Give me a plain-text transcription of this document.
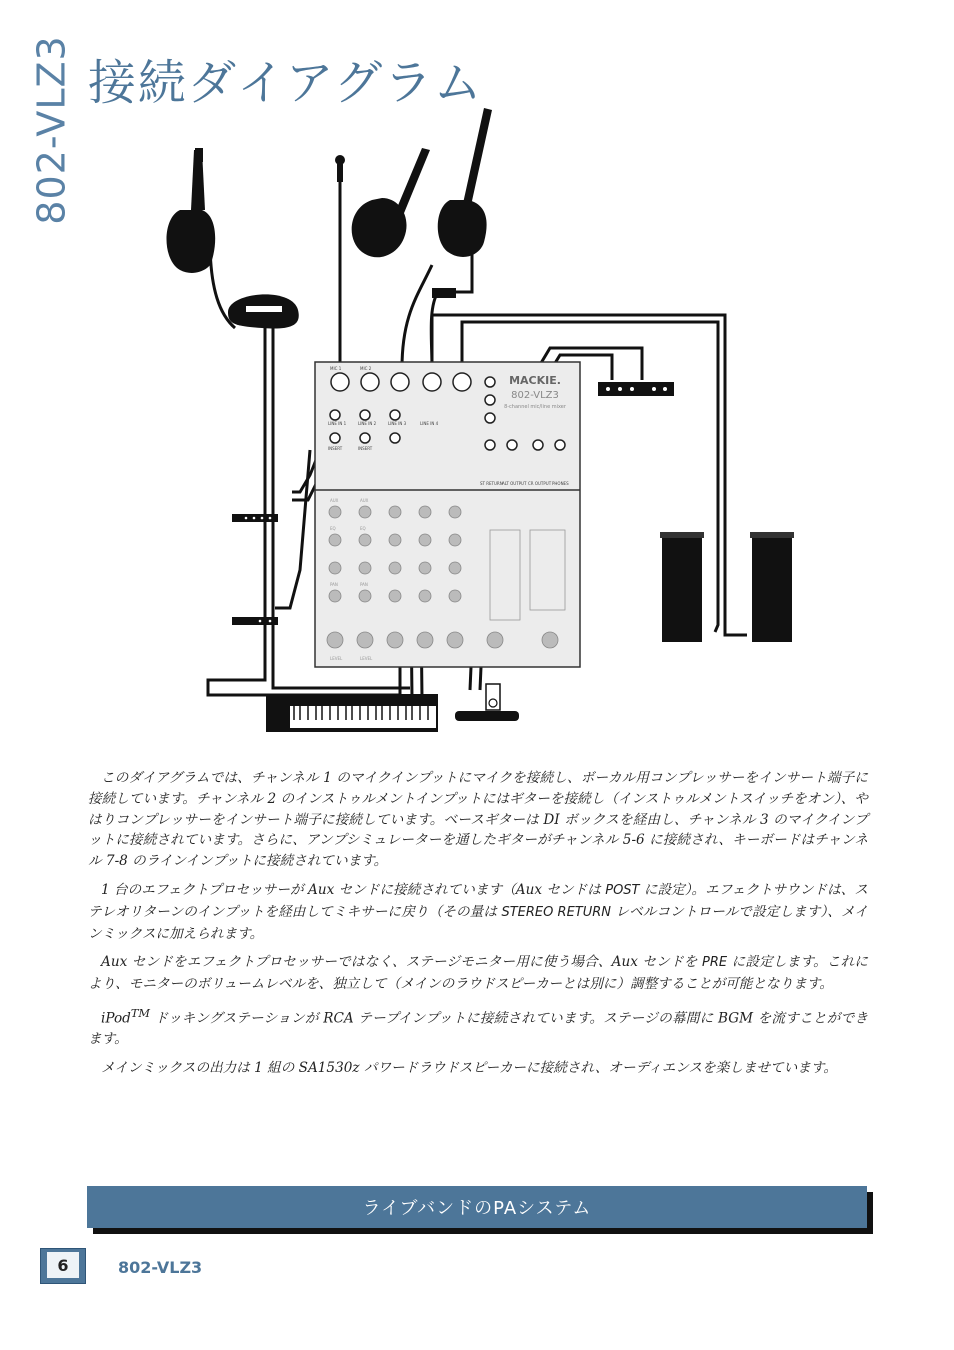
802-VLZ3 接続ダイアグラム
MACKIE.
802-VLZ3
8-channel mic/line mixer
LINE IN 1	LINE IN 2	LINE IN 3	LINE IN 4
INSERT	INSERT
MIC 2
MIC 1
ST RETURN ALT OUTPUT CR OUTPUT PHONES
AUX	AUX
EQ	EQ
PAN	PAN
LEVEL	LEVEL

このダイアグラムでは、チャンネル 1 のマイクインプットにマイクを接続し、ボーカル用コンプレッサーをインサート端子に接続しています。チャンネル 2 のインストゥルメントインプットにはギターを接続し（インストゥルメントスイッチをオン）、やはりコンプレッサーをインサート端子に接続しています。ベースギターは DI ボックスを経由し、チャンネル 3 のマイクインプットに接続されています。さらに、アンプシミュレーターを通したギターがチャンネル 5-6 に接続され、キーボードはチャンネル 7-8 のラインインプットに接続されています。

1 台のエフェクトプロセッサーが Aux センドに接続されています（Aux センドは POST に設定）。エフェクトサウンドは、ステレオリターンのインプットを経由してミキサーに戻り（その量は STEREO RETURN レベルコントロールで設定します）、メインミックスに加えられます。

Aux センドをエフェクトプロセッサーではなく、ステージモニター用に使う場合、Aux センドを PRE に設定します。これにより、モニターのボリュームレベルを、独立して（メインのラウドスピーカーとは別に）調整することが可能となります。

iPod™ ドッキングステーションが RCA テープインプットに接続されています。ステージの幕間に BGM を流すことができます。

メインミックスの出力は 1 組の SA1530z パワードラウドスピーカーに接続され、オーディエンスを楽しませています。

ライブバンドのPAシステム
6	802-VLZ3
